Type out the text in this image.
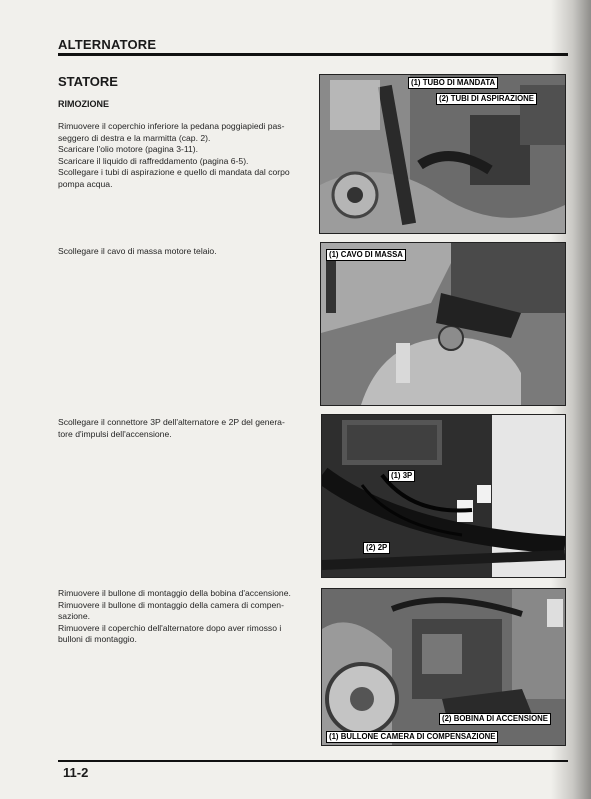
ALTERNATORE
STATORE
RIMOZIONE

Rimuovere il coperchio inferiore la pedana poggiapiedi pas-

seggero di destra e la marmitta (cap. 2).

Scaricare l'olio motore (pagina 3-11).

Scaricare il liquido di raffreddamento (pagina 6-5).

Scollegare i tubi di aspirazione e quello di mandata dal corpo

pompa acqua.

(1) TUBO DI MANDATA
(2) TUBI DI ASPIRAZIONE

Scollegare il cavo di massa motore telaio.	(1) CAVO DI MASSA

Scollegare il connettore 3P dell'alternatore e 2P del genera-

tore d'impulsi dell'accensione.

(1) 3P
(2) 2P

Rimuovere il bullone di montaggio della bobina d'accensione.

Rimuovere il bullone di montaggio della camera di compen-

sazione.

Rimuovere il coperchio dell'alternatore dopo aver rimosso i

bulloni di montaggio.

(2) BOBINA DI ACCENSIONE
(1) BULLONE CAMERA DI COMPENSAZIONE
11-2
